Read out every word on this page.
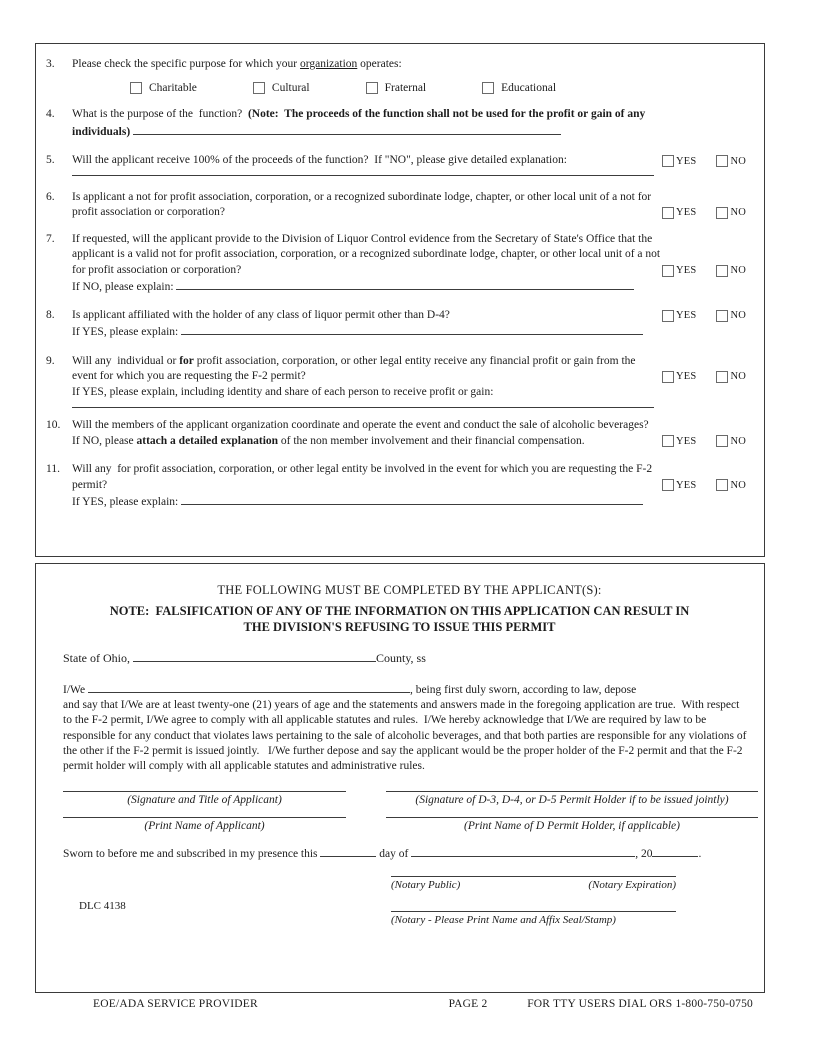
3.	Please check the specific purpose for which your organization operates:

Charitable	Cultural	Fraternal	Educational
4.	What is the purpose of the  function?  (Note:  The proceeds of the function shall not be used for the profit or gain of any individuals)

5.	Will the applicant receive 100% of the proceeds of the function?  If "NO", please give detailed explanation:	YES	NO
6.	Is applicant a not for profit association, corporation, or a recognized subordinate lodge, chapter, or other local unit of a not for profit association or corporation?	YES	NO
7.	If requested, will the applicant provide to the Division of Liquor Control evidence from the Secretary of State's Office that the applicant is a valid not for profit association, corporation, or a recognized subordinate lodge, chapter, or other local unit of a not for profit association or corporation?

If NO, please explain:

YES	NO
8.	Is applicant affiliated with the holder of any class of liquor permit other than D-4?

If YES, please explain:

YES	NO
9.	Will any  individual or for profit association, corporation, or other legal entity receive any financial profit or gain from the event for which you are requesting the F-2 permit?

If YES, please explain, including identity and share of each person to receive profit or gain:

YES	NO
10.	Will the members of the applicant organization coordinate and operate the event and conduct the sale of alcoholic beverages?

If NO, please attach a detailed explanation of the non member involvement and their financial compensation.	YES	NO
11.	Will any  for profit association, corporation, or other legal entity be involved in the event for which you are requesting the F-2 permit?

If YES, please explain:

YES	NO
THE FOLLOWING MUST BE COMPLETED BY THE APPLICANT(S):
NOTE:  FALSIFICATION OF ANY OF THE INFORMATION ON THIS APPLICATION CAN RESULT IN
THE DIVISION'S REFUSING TO ISSUE THIS PERMIT
State of Ohio,	County, ss

I/We	, being first duly sworn, according to law, depose
and say that I/We are at least twenty-one (21) years of age and the statements and answers made in the foregoing application are true.  With respect to the F-2 permit, I/We agree to comply with all applicable statutes and rules.  I/We hereby acknowledge that I/We are required by law to be responsible for any conduct that violates laws pertaining to the sale of alcoholic beverages, and that both parties are responsible for any violations of the other if the F-2 permit is issued jointly.   I/We further depose and say the applicant would be the proper holder of the F-2 permit and that the F-2 permit holder will comply with all applicable statutes and administrative rules.

(Signature and Title of Applicant)	(Signature of D-3, D-4, or D-5 Permit Holder if to be issued jointly)
(Print Name of Applicant)	(Print Name of D Permit Holder, if applicable)
Sworn to before me and subscribed in my presence this	day of	, 20	.
DLC 4138
(Notary Public)	(Notary Expiration)
(Notary - Please Print Name and Affix Seal/Stamp)
EOE/ADA SERVICE PROVIDER	PAGE 2	FOR TTY USERS DIAL ORS 1-800-750-0750
